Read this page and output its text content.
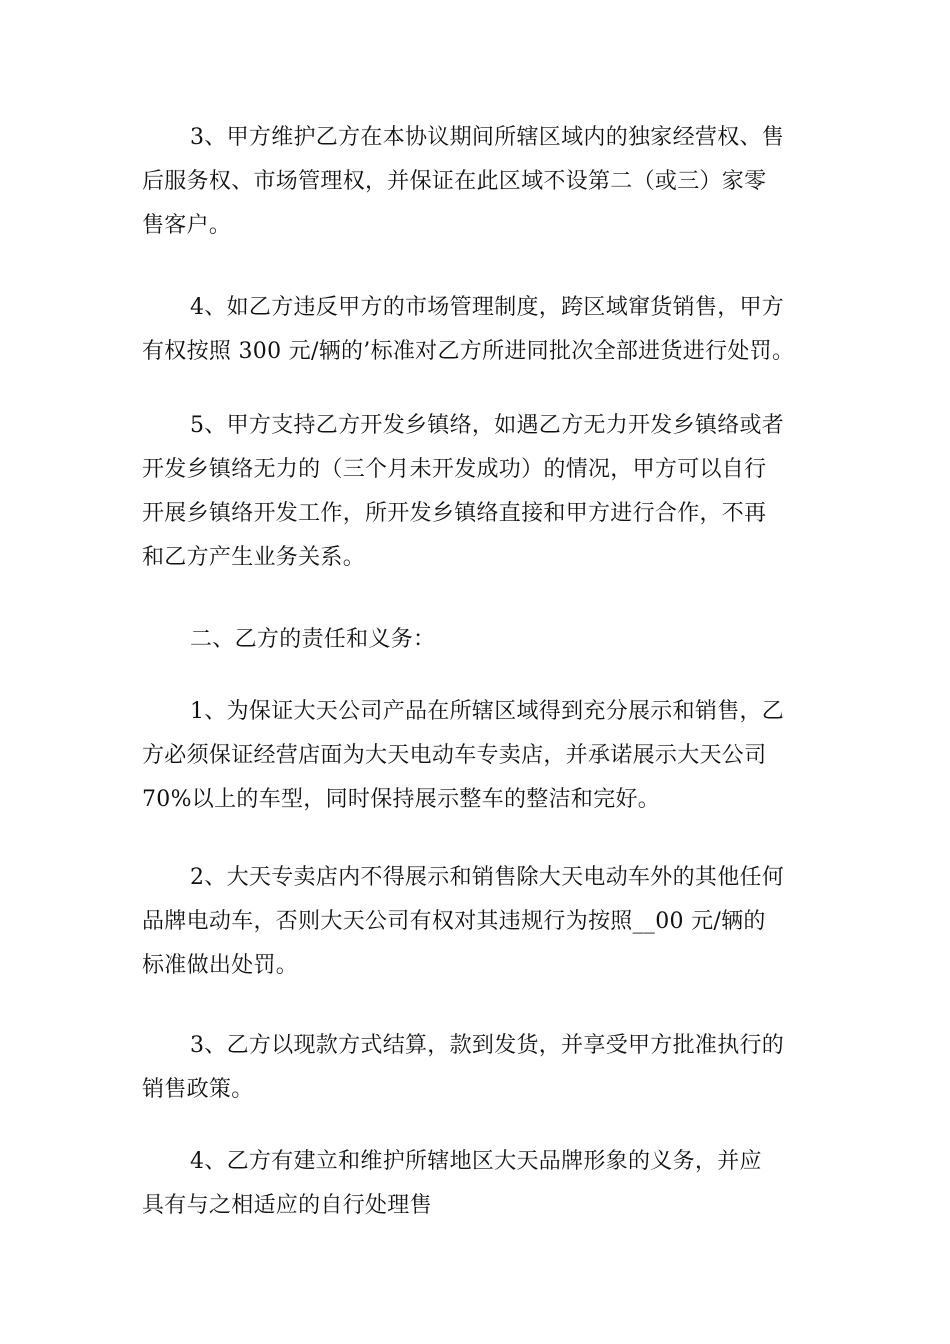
3、甲方维护乙方在本协议期间所辖区域内的独家经营权、售
后服务权、市场管理权，并保证在此区域不设第二（或三）家零
售客户。

4、如乙方违反甲方的市场管理制度，跨区域窜货销售，甲方
有权按照 300 元/辆的’标准对乙方所进同批次全部进货进行处罚。

5、甲方支持乙方开发乡镇络，如遇乙方无力开发乡镇络或者
开发乡镇络无力的（三个月未开发成功）的情况，甲方可以自行
开展乡镇络开发工作，所开发乡镇络直接和甲方进行合作，不再
和乙方产生业务关系。

二、乙方的责任和义务：

1、为保证大天公司产品在所辖区域得到充分展示和销售，乙
方必须保证经营店面为大天电动车专卖店，并承诺展示大天公司
70%以上的车型，同时保持展示整车的整洁和完好。

2、大天专卖店内不得展示和销售除大天电动车外的其他任何
品牌电动车，否则大天公司有权对其违规行为按照__00 元/辆的
标准做出处罚。

3、乙方以现款方式结算，款到发货，并享受甲方批准执行的
销售政策。

4、乙方有建立和维护所辖地区大天品牌形象的义务，并应
具有与之相适应的自行处理售
